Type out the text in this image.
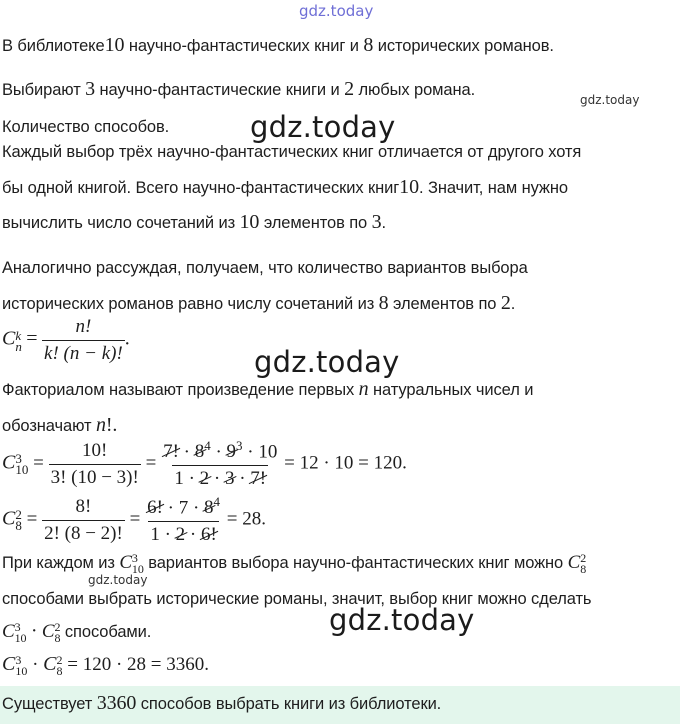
gdz.today
В библиотеке10 научно-фантастических книг и 8 исторических романов.
Выбирают 3 научно-фантастические книги и 2 любых романа.
gdz.today
Количество способов.	gdz.today
Каждый выбор трёх научно-фантастических книг отличается от другого хотя
бы одной книгой. Всего научно-фантастических книг10. Значит, нам нужно
вычислить число сочетаний из 10 элементов по 3.
Аналогично рассуждая, получаем, что количество вариантов выбора
исторических романов равно числу сочетаний из 8 элементов по 2.
C k
$n = \frac{n!}{k! (n - k)!}$ .
gdz.today
Факториалом называют произведение первых n натуральных чисел и
обозначают n!.
C 3
$10 = \frac{10!}{3! (10 - 3)!} = \frac{7! \cdot 8^4 \cdot 9^3 \cdot 10}{1 \cdot 2 \cdot 3 \cdot 7!} = 12 \cdot 10 = 120$.
C 2
$8 = \frac{8!}{2! (8 - 2)!} = \frac{6! \cdot 7 \cdot 8^4}{1 \cdot 2 \cdot 6!} = 28$.
При каждом из C 3
10 вариантов выбора научно-фантастических книг можно C 2
8
gdz.today
способами выбрать исторические романы, значит, выбор книг можно сделать
gdz.today
C 3
10 · C 2
8 способами.
C 3
10 · C 2
8 = 120 · 28 = 3360.
Существует 3360 способов выбрать книги из библиотеки.
